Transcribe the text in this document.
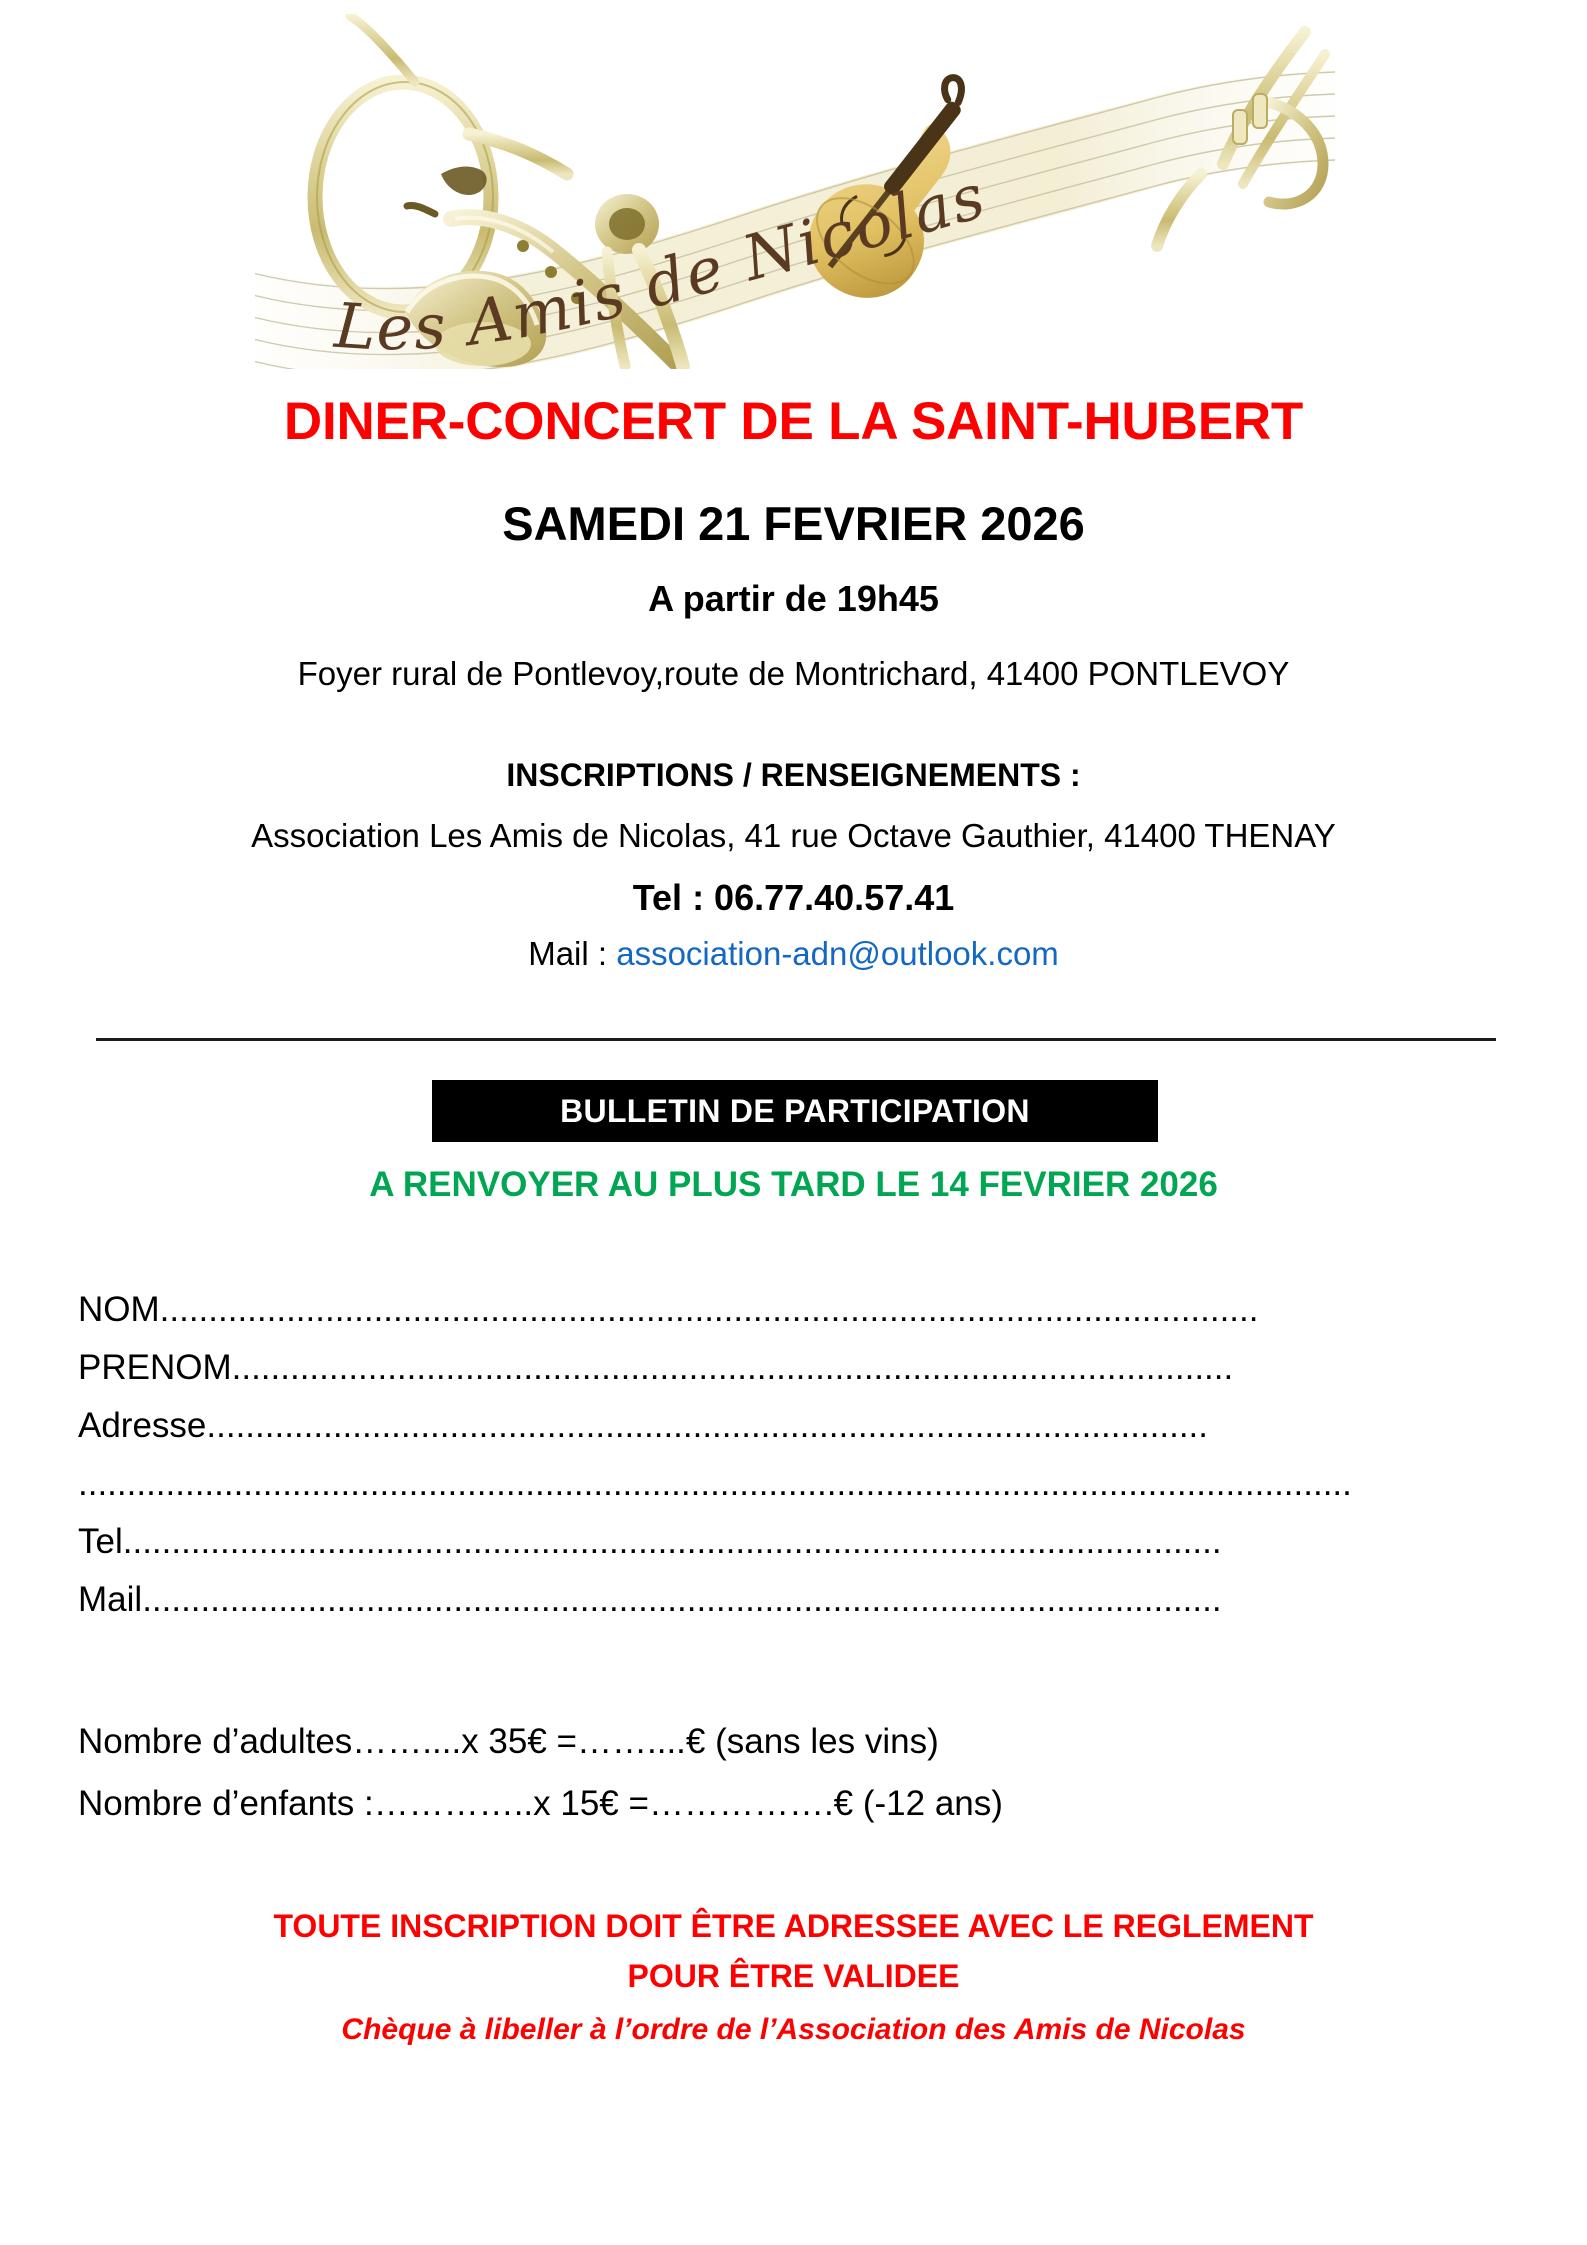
Les Amis de Nicolas
DINER-CONCERT DE LA SAINT-HUBERT
SAMEDI 21 FEVRIER 2026
A partir de 19h45
Foyer rural de Pontlevoy,route de Montrichard, 41400 PONTLEVOY
INSCRIPTIONS / RENSEIGNEMENTS :
Association Les Amis de Nicolas, 41 rue Octave Gauthier, 41400 THENAY
Tel : 06.77.40.57.41
Mail : association-adn@outlook.com
BULLETIN DE PARTICIPATION
A RENVOYER AU PLUS TARD LE 14 FEVRIER 2026
NOM .................................................................................................................
PRENOM .......................................................................................................
Adresse .......................................................................................................
...................................................................................................................................
Tel .................................................................................................................
Mail ...............................................................................................................
Nombre d’adultes……....x 35€ =……....€ (sans les vins)
Nombre d’enfants :…………..x 15€ =…………….€ (-12 ans)
TOUTE INSCRIPTION DOIT ÊTRE ADRESSEE AVEC LE REGLEMENT
POUR ÊTRE VALIDEE
Chèque à libeller à l’ordre de l’Association des Amis de Nicolas
